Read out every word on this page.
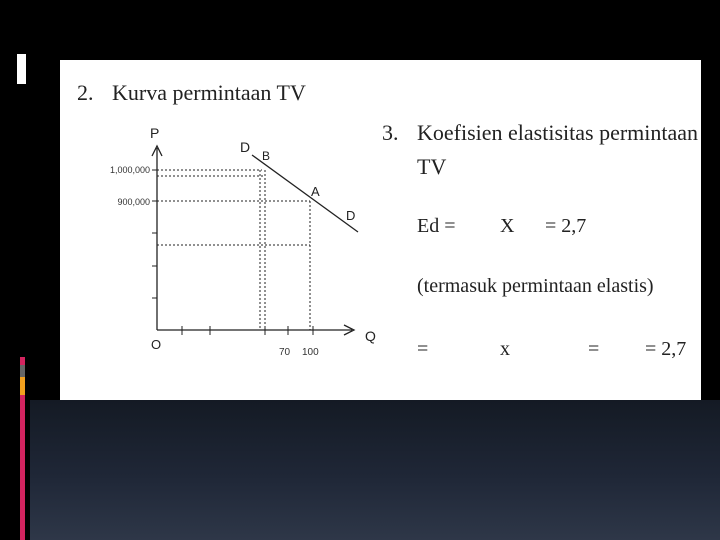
2. Kurva permintaan TV
3. Koefisien elastisitas permintaan
TV
Ed = X = 2,7
(termasuk permintaan elastis)
=	x	= = 2,7
P
Q
O
1,000,000
900,000
70 100
D
B
A
D
